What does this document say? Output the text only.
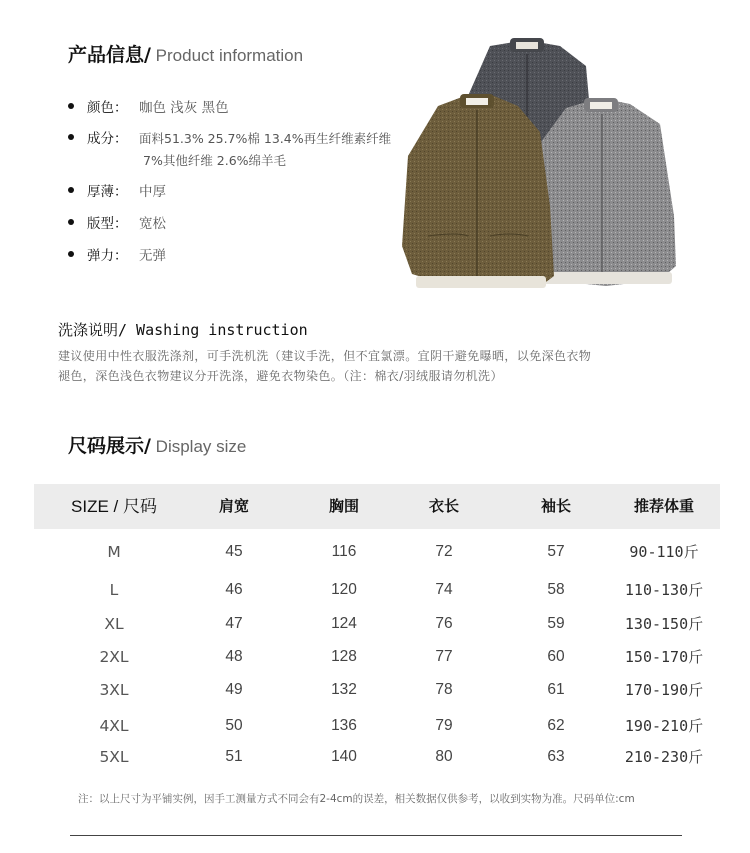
产品信息/ Product information
颜色： 咖色 浅灰 黑色
成分： 面料51.3% 25.7%棉 13.4%再生纤维素纤维
7%其他纤维 2.6%绵羊毛
厚薄： 中厚
版型： 宽松
弹力： 无弹
洗涤说明/ Washing instruction
建议使用中性衣服洗涤剂，可手洗机洗（建议手洗，但不宜氯漂。宜阴干避免曝晒，以免深色衣物
褪色，深色浅色衣物建议分开洗涤，避免衣物染色。（注：棉衣/羽绒服请勿机洗）
尺码展示/ Display size
SIZE / 尺码	肩宽	胸围	衣长	袖长	推荐体重
M	45	116	72	57	90-110斤
L	46	120	74	58	110-130斤
XL	47	124	76	59	130-150斤
2XL	48	128	77	60	150-170斤
3XL	49	132	78	61	170-190斤
4XL	50	136	79	62	190-210斤
5XL	51	140	80	63	210-230斤
注：以上尺寸为平铺实例，因手工测量方式不同会有2-4cm的误差，相关数据仅供参考，以收到实物为准。尺码单位:cm
